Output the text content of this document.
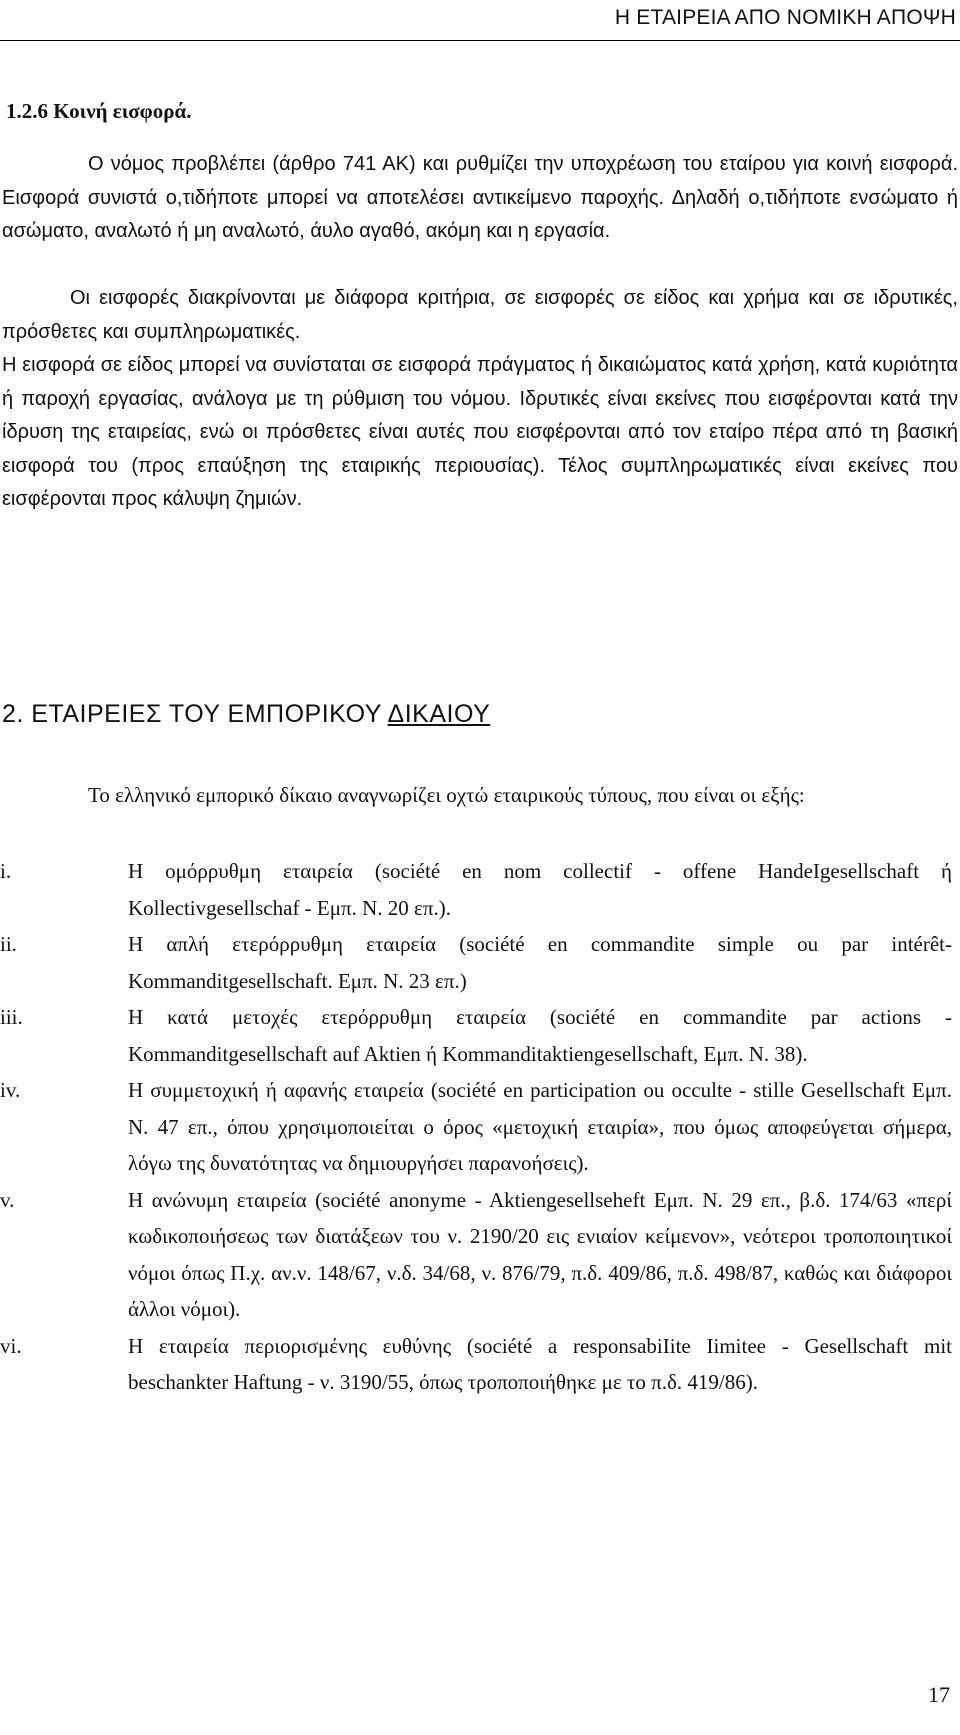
Η ΕΤΑΙΡΕΙΑ ΑΠΟ ΝΟΜΙΚΗ ΑΠΟΨΗ
1.2.6 Κοινή εισφορά.
Ο νόμος προβλέπει (άρθρο 741 ΑΚ) και ρυθμίζει την υποχρέωση του εταίρου για κοινή εισφορά. Εισφορά συνιστά ο,τιδήποτε μπορεί να αποτελέσει αντικείμενο παροχής. Δηλαδή ο,τιδήποτε ενσώματο ή ασώματο, αναλωτό ή μη αναλωτό, άυλο αγαθό, ακόμη και η εργασία.
Οι εισφορές διακρίνονται με διάφορα κριτήρια, σε εισφορές σε είδος και χρήμα και σε ιδρυτικές, πρόσθετες και συμπληρωματικές.
Η εισφορά σε είδος μπορεί να συνίσταται σε εισφορά πράγματος ή δικαιώματος κατά χρήση, κατά κυριότητα ή παροχή εργασίας, ανάλογα με τη ρύθμιση του νόμου. Ιδρυτικές είναι εκείνες που εισφέρονται κατά την ίδρυση της εταιρείας, ενώ οι πρόσθετες είναι αυτές που εισφέρονται από τον εταίρο πέρα από τη βασική εισφορά του (προς επαύξηση της εταιρικής περιουσίας). Τέλος συμπληρωματικές είναι εκείνες που εισφέρονται προς κάλυψη ζημιών.
2. ΕΤΑΙΡΕΙΕΣ ΤΟΥ ΕΜΠΟΡΙΚΟΥ ΔΙΚΑΙΟΥ
Το ελληνικό εμπορικό δίκαιο αναγνωρίζει οχτώ εταιρικούς τύπους, που είναι οι εξής:
i.	Η ομόρρυθμη εταιρεία (société en nom collectif - offene HandeIgesellschaft ή Kollectivgesellschaf - Εμπ. Ν. 20 επ.).
ii.	Η απλή ετερόρρυθμη εταιρεία (société en commandite simple ou par intérêt-Kommanditgesellschaft. Εμπ. Ν. 23 επ.)
iii.	Η κατά μετοχές ετερόρρυθμη εταιρεία (société en commandite par actions - Kommanditgesellschaft auf Aktien ή Kommanditaktiengesellschaft, Εμπ. Ν. 38).
iv.	Η συμμετοχική ή αφανής εταιρεία (société en participation ou occulte - stille Gesellschaft Εμπ. Ν. 47 επ., όπου χρησιμοποιείται ο όρος «μετοχική εταιρία», που όμως αποφεύγεται σήμερα, λόγω της δυνατότητας να δημιουργήσει παρανοήσεις).
v.	Η ανώνυμη εταιρεία (société anonyme - Aktiengesellseheft Εμπ. Ν. 29 επ., β.δ. 174/63 «περί κωδικοποιήσεως των διατάξεων του ν. 2190/20 εις ενιαίον κείμενον», νεότεροι τροποποιητικοί νόμοι όπως Π.χ. αν.ν. 148/67, ν.δ. 34/68, ν. 876/79, π.δ. 409/86, π.δ. 498/87, καθώς και διάφοροι άλλοι νόμοι).
vi.	Η εταιρεία περιορισμένης ευθύνης (société a responsabiIite Iimitee - Gesellschaft mit beschankter Haftung - ν. 3190/55, όπως τροποποιήθηκε με το π.δ. 419/86).
17
